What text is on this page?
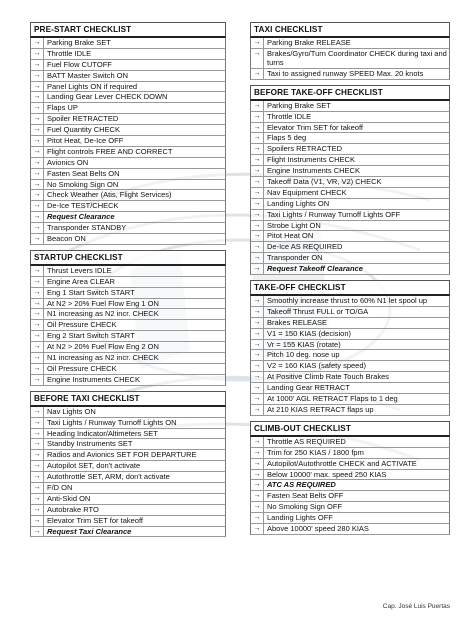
PRE-START CHECKLIST
→ Parking Brake SET
→ Throttle IDLE
→ Fuel Flow CUTOFF
→ BATT Master Switch ON
→ Panel Lights ON if required
→ Landing Gear Lever CHECK DOWN
→ Flaps UP
→ Spoiler RETRACTED
→ Fuel Quantity CHECK
→ Pitot Heat, De-Ice OFF
→ Flight controls FREE AND CORRECT
→ Avionics ON
→ Fasten Seat Belts ON
→ No Smoking Sign ON
→ Check Weather (Atis, Flight Services)
→ De-Ice TEST/CHECK
→ Request Clearance
→ Transponder STANDBY
→ Beacon ON
STARTUP CHECKLIST
→ Thrust Levers IDLE
→ Engine Area CLEAR
→ Eng 1 Start Switch START
→ At N2 > 20% Fuel Flow Eng 1 ON
→ N1 increasing as N2 incr. CHECK
→ Oil Pressure CHECK
→ Eng 2 Start Switch START
→ At N2 > 20% Fuel Flow Eng 2 ON
→ N1 increasing as N2 incr. CHECK
→ Oil Pressure CHECK
→ Engine Instruments CHECK
BEFORE TAXI CHECKLIST
→ Nav Lights ON
→ Taxi Lights / Runway Turnoff Lights ON
→ Heading Indicator/Altimeters SET
→ Standby Instruments SET
→ Radios and Avionics SET FOR DEPARTURE
→ Autopilot SET, don't activate
→ Autothrottle SET, ARM, don't activate
→ F/D ON
→ Anti-Skid ON
→ Autobrake RTO
→ Elevator Trim SET for takeoff
→ Request Taxi Clearance
TAXI CHECKLIST
→ Parking Brake RELEASE
→ Brakes/Gyro/Turn Coordinator CHECK during taxi and turns
→ Taxi to assigned runway SPEED Max. 20 knots
BEFORE TAKE-OFF CHECKLIST
→ Parking Brake SET
→ Throttle IDLE
→ Elevator Trim SET for takeoff
→ Flaps 5 deg
→ Spoilers RETRACTED
→ Flight Instruments CHECK
→ Engine Instruments CHECK
→ Takeoff Data (V1, VR, V2) CHECK
→ Nav Equipment CHECK
→ Landing Lights ON
→ Taxi Lights / Runway Turnoff Lights OFF
→ Strobe Light ON
→ Pitot Heat ON
→ De-Ice AS REQUIRED
→ Transponder ON
→ Request Takeoff Clearance
TAKE-OFF CHECKLIST
→ Smoothly increase thrust to 60% N1 let spool up
→ Takeoff Thrust FULL or TO/GA
→ Brakes RELEASE
→ V1 = 150 KIAS (decision)
→ Vr = 155 KIAS (rotate)
→ Pitch 10 deg. nose up
→ V2 = 160 KIAS (safety speed)
→ At Positive Climb Rate Touch Brakes
→ Landing Gear RETRACT
→ At 1000' AGL RETRACT Flaps to 1 deg
→ At 210 KIAS RETRACT flaps up
CLIMB-OUT CHECKLIST
→ Throttle AS REQUIRED
→ Trim for 250 KIAS / 1800 fpm
→ Autopilot/Autothrottle CHECK and ACTIVATE
→ Below 10000' max. speed 250 KIAS
→ ATC AS REQUIRED
→ Fasten Seat Belts OFF
→ No Smoking Sign OFF
→ Landing Lights OFF
→ Above 10000' speed 280 KIAS
Cap. José Luis Puertas
